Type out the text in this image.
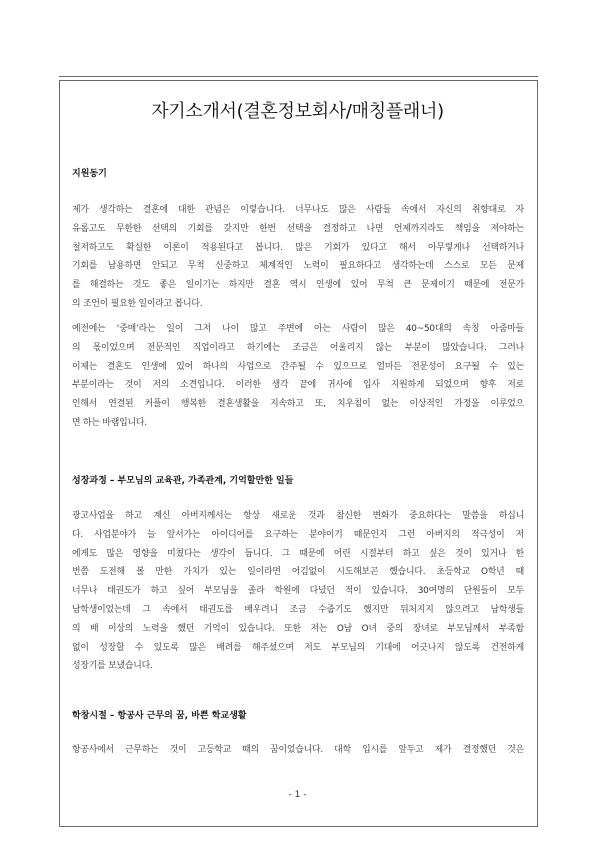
자기소개서(결혼정보회사/매칭플래너)
지원동기

제가 생각하는 결혼에 대한 관념은 이렇습니다. 너무나도 많은 사람들 속에서 자신의 취향대로 자
유롭고도 무한한 선택의 기회를 갖지만 한번 선택을 결정하고 나면 언제까지라도 책임을 져야하는
철저하고도 확실한 이론이 적용된다고 봅니다. 많은 기회가 있다고 해서 아무렇게나 선택하거나
기회를 남용하면 안되고 무척 신중하고 체계적인 노력이 필요하다고 생각하는데 스스로 모든 문제
를 해결하는 것도 좋은 일이기는 하지만 결혼 역시 인생에 있어 무척 큰 문제이기 때문에 전문가
의 조언이 필요한 일이라고 봅니다.

예전에는 ‘중매’라는 일이 그저 나이 많고 주변에 아는 사람이 많은 40~50대의 속칭 아줌마들
의 몫이었으며 전문적인 직업이라고 하기에는 조금은 어울리지 않는 부분이 많았습니다. 그러나
이제는 결혼도 인생에 있어 하나의 사업으로 간주될 수 있으므로 얼마든 전문성이 요구될 수 있는
부분이라는 것이 저의 소견입니다. 이러한 생각 끝에 귀사에 입사 지원하게 되었으며 향후 저로
인해서 연결된 커플이 행복한 결혼생활을 지속하고 또, 치우침이 없는 이상적인 가정을 이루었으
면 하는 바램입니다.

성장과정 – 부모님의 교육관, 가족관계, 기억할만한 일들

광고사업을 하고 계신 아버지께서는 항상 새로운 것과 참신한 변화가 중요하다는 말씀을 하십니
다. 사업분야가 늘 앞서가는 아이디어를 요구하는 분야이기 때문인지 그런 아버지의 적극성이 저
에게도 많은 영향을 미쳤다는 생각이 듭니다. 그 때문에 어린 시절부터 하고 싶은 것이 있거나 한
번쯤 도전해 볼 만한 가치가 있는 일이라면 어김없이 시도해보곤 했습니다. 초등학교 O학년 때
너무나 태권도가 하고 싶어 부모님을 졸라 학원에 다녔던 적이 있습니다. 30여명의 단원들이 모두
남학생이었는데 그 속에서 태권도를 배우려니 조금 수줍기도 했지만 뒤처지지 않으려고 남학생들
의 배 이상의 노력을 했던 기억이 있습니다. 또한 저는 O남 O녀 중의 장녀로 부모님께서 부족함
없이 성장할 수 있도록 많은 배려를 해주셨으며 저도 부모님의 기대에 어긋나지 않도록 건전하게
성장기를 보냈습니다.

학창시절 – 항공사 근무의 꿈, 바쁜 학교생활

항공사에서 근무하는 것이 고등학교 때의 꿈이었습니다. 대학 입시를 앞두고 제가 결정했던 것은

- 1 -
